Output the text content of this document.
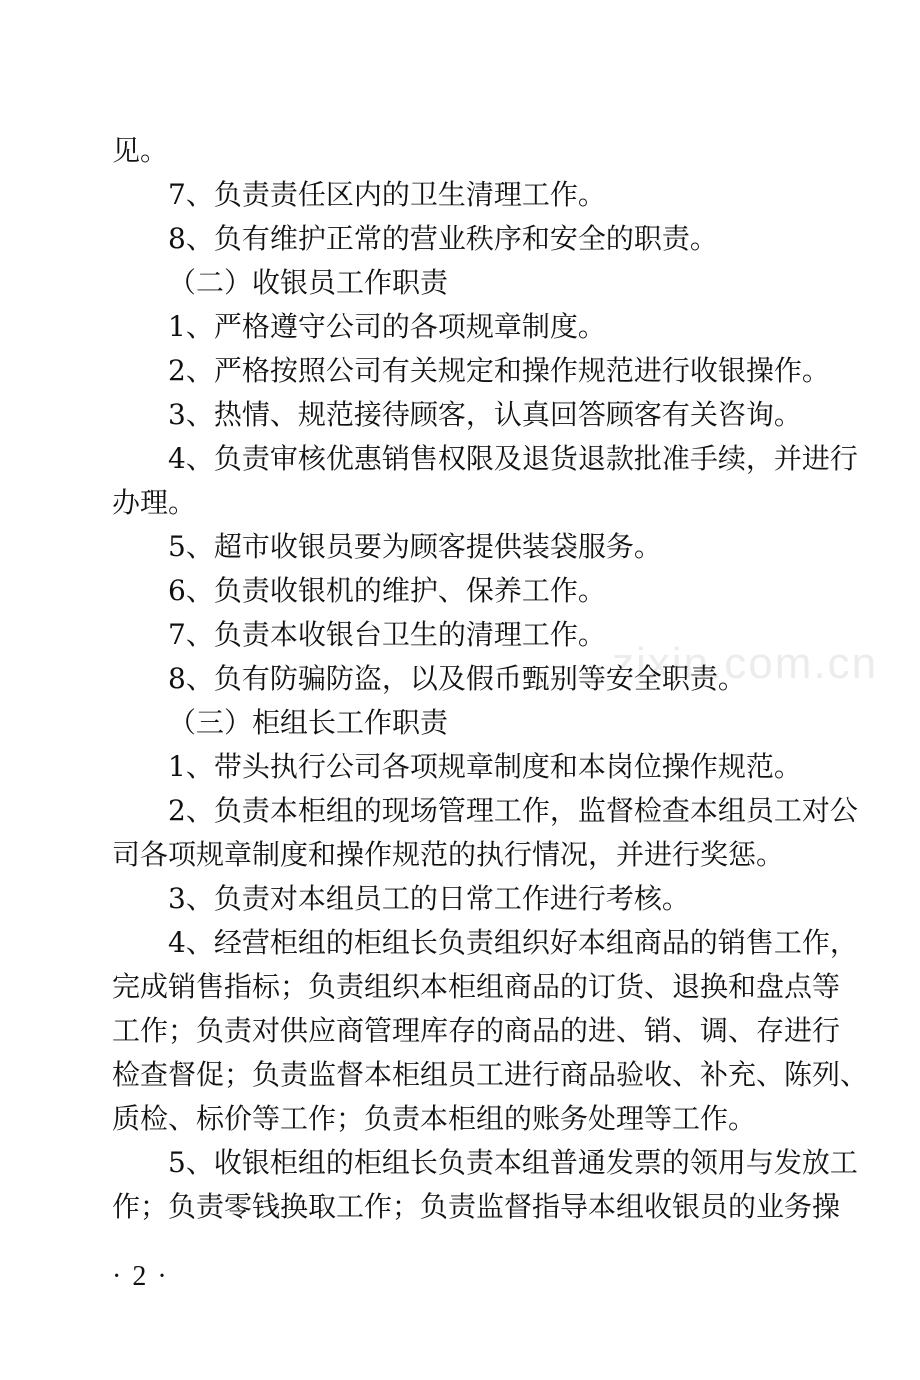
zixin.com.cn
见。
7、负责责任区内的卫生清理工作。
8、负有维护正常的营业秩序和安全的职责。
（二）收银员工作职责
1、严格遵守公司的各项规章制度。
2、严格按照公司有关规定和操作规范进行收银操作。
3、热情、规范接待顾客，认真回答顾客有关咨询。
4、负责审核优惠销售权限及退货退款批准手续，并进行
办理。
5、超市收银员要为顾客提供装袋服务。
6、负责收银机的维护、保养工作。
7、负责本收银台卫生的清理工作。
8、负有防骗防盗，以及假币甄别等安全职责。
（三）柜组长工作职责
1、带头执行公司各项规章制度和本岗位操作规范。
2、负责本柜组的现场管理工作，监督检查本组员工对公
司各项规章制度和操作规范的执行情况，并进行奖惩。
3、负责对本组员工的日常工作进行考核。
4、经营柜组的柜组长负责组织好本组商品的销售工作，
完成销售指标；负责组织本柜组商品的订货、退换和盘点等
工作；负责对供应商管理库存的商品的进、销、调、存进行
检查督促；负责监督本柜组员工进行商品验收、补充、陈列、
质检、标价等工作；负责本柜组的账务处理等工作。
5、收银柜组的柜组长负责本组普通发票的领用与发放工
作；负责零钱换取工作；负责监督指导本组收银员的业务操
· 2 ·
